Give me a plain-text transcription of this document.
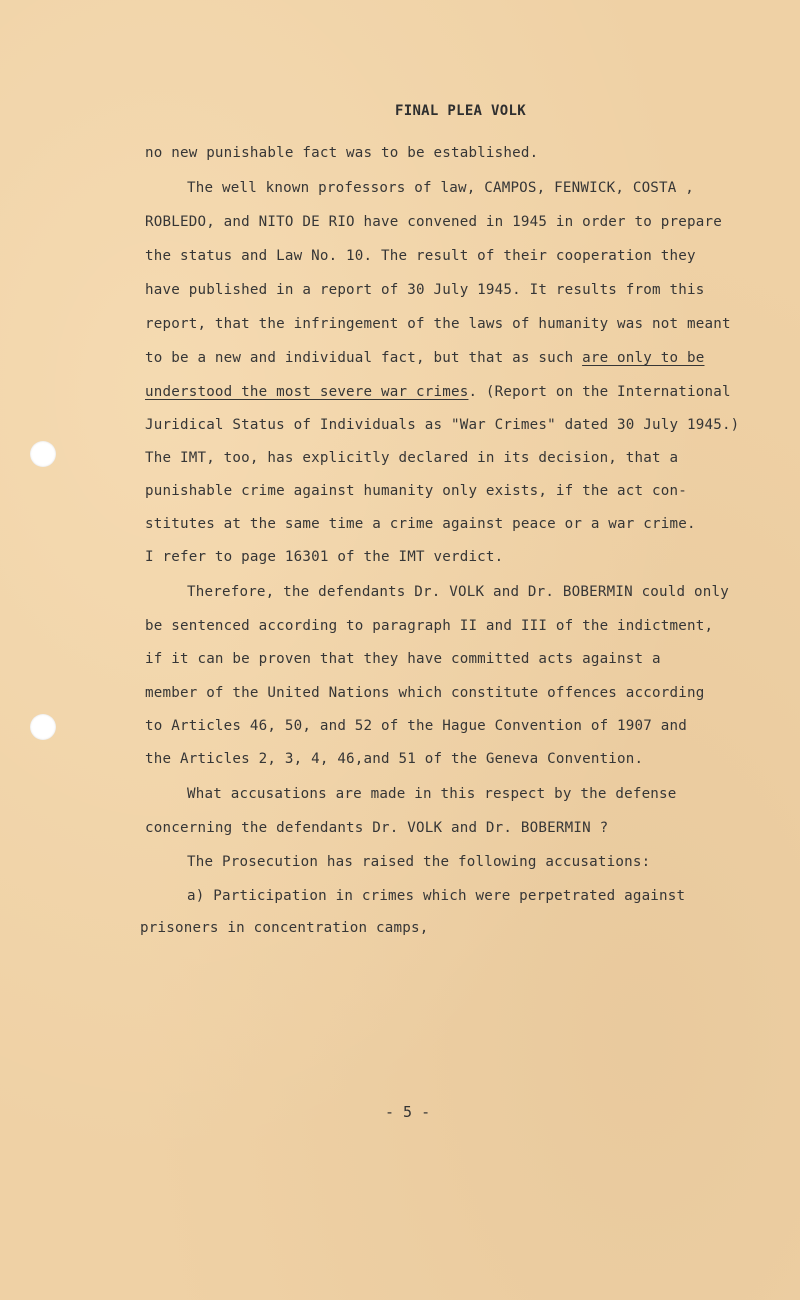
FINAL PLEA VOLK
no new punishable fact was to be established.
The well known professors of law, CAMPOS, FENWICK, COSTA ,
ROBLEDO, and NITO DE RIO have convened in 1945 in order to prepare
the status and Law No. 10. The result of their cooperation they
have published in a report of 30 July 1945. It results from this
report, that the infringement of the laws of humanity was not meant
to be a new and individual fact, but that as such are only to be
understood the most severe war crimes. (Report on the International
Juridical Status of Individuals as "War Crimes" dated 30 July 1945.)
The IMT, too, has explicitly declared in its decision, that a
punishable crime against humanity only exists, if the act con-
stitutes at the same time a crime against peace or a war crime.
I refer to page 16301 of the IMT verdict.
Therefore, the defendants Dr. VOLK and Dr. BOBERMIN could only
be sentenced according to paragraph II and III of the indictment,
if it can be proven that they have committed acts against a
member of the United Nations which constitute offences according
to Articles 46, 50, and 52 of the Hague Convention of 1907 and
the Articles 2, 3, 4, 46,and 51 of the Geneva Convention.
What accusations are made in this respect by the defense
concerning the defendants Dr. VOLK and Dr. BOBERMIN ?
The Prosecution has raised the following accusations:
a) Participation in crimes which were perpetrated against
prisoners in concentration camps,
- 5 -
